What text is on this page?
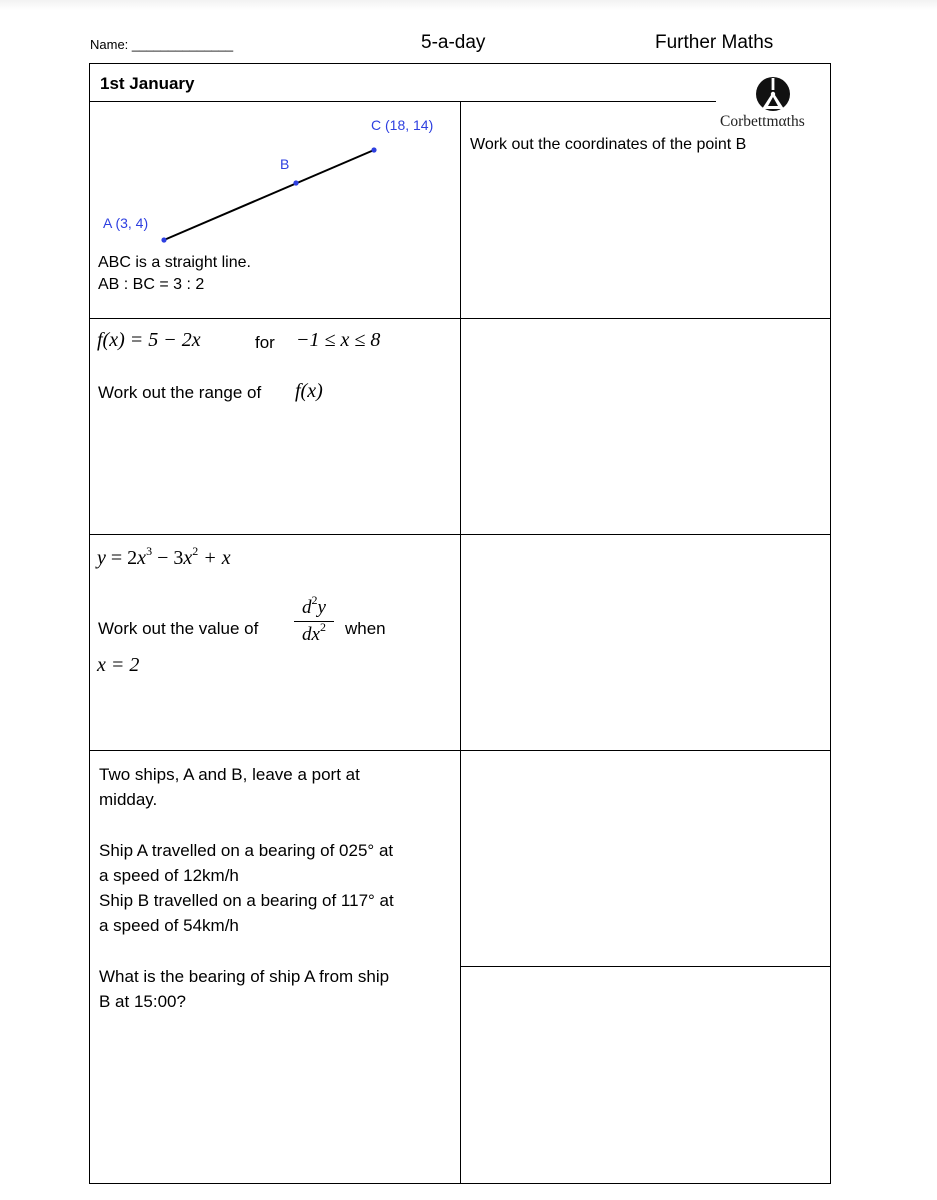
Name: ______________	5-a-day	Further Maths
1st January
Corbettmαths
A (3, 4)
B
C (18, 14)
ABC is a straight line.
AB : BC = 3 : 2
Work out the coordinates of the point B
f(x) = 5 − 2x	for −1 ≤ x ≤ 8
Work out the range of f(x)
$y = 2x^3 - 3x^2 + x$
Work out the value of
$d^2y$
$dx^2$	when
x = 2
Two ships, A and B, leave a port at
midday.
Ship A travelled on a bearing of 025° at
a speed of 12km/h
Ship B travelled on a bearing of 117° at
a speed of 54km/h
What is the bearing of ship A from ship
B at 15:00?
